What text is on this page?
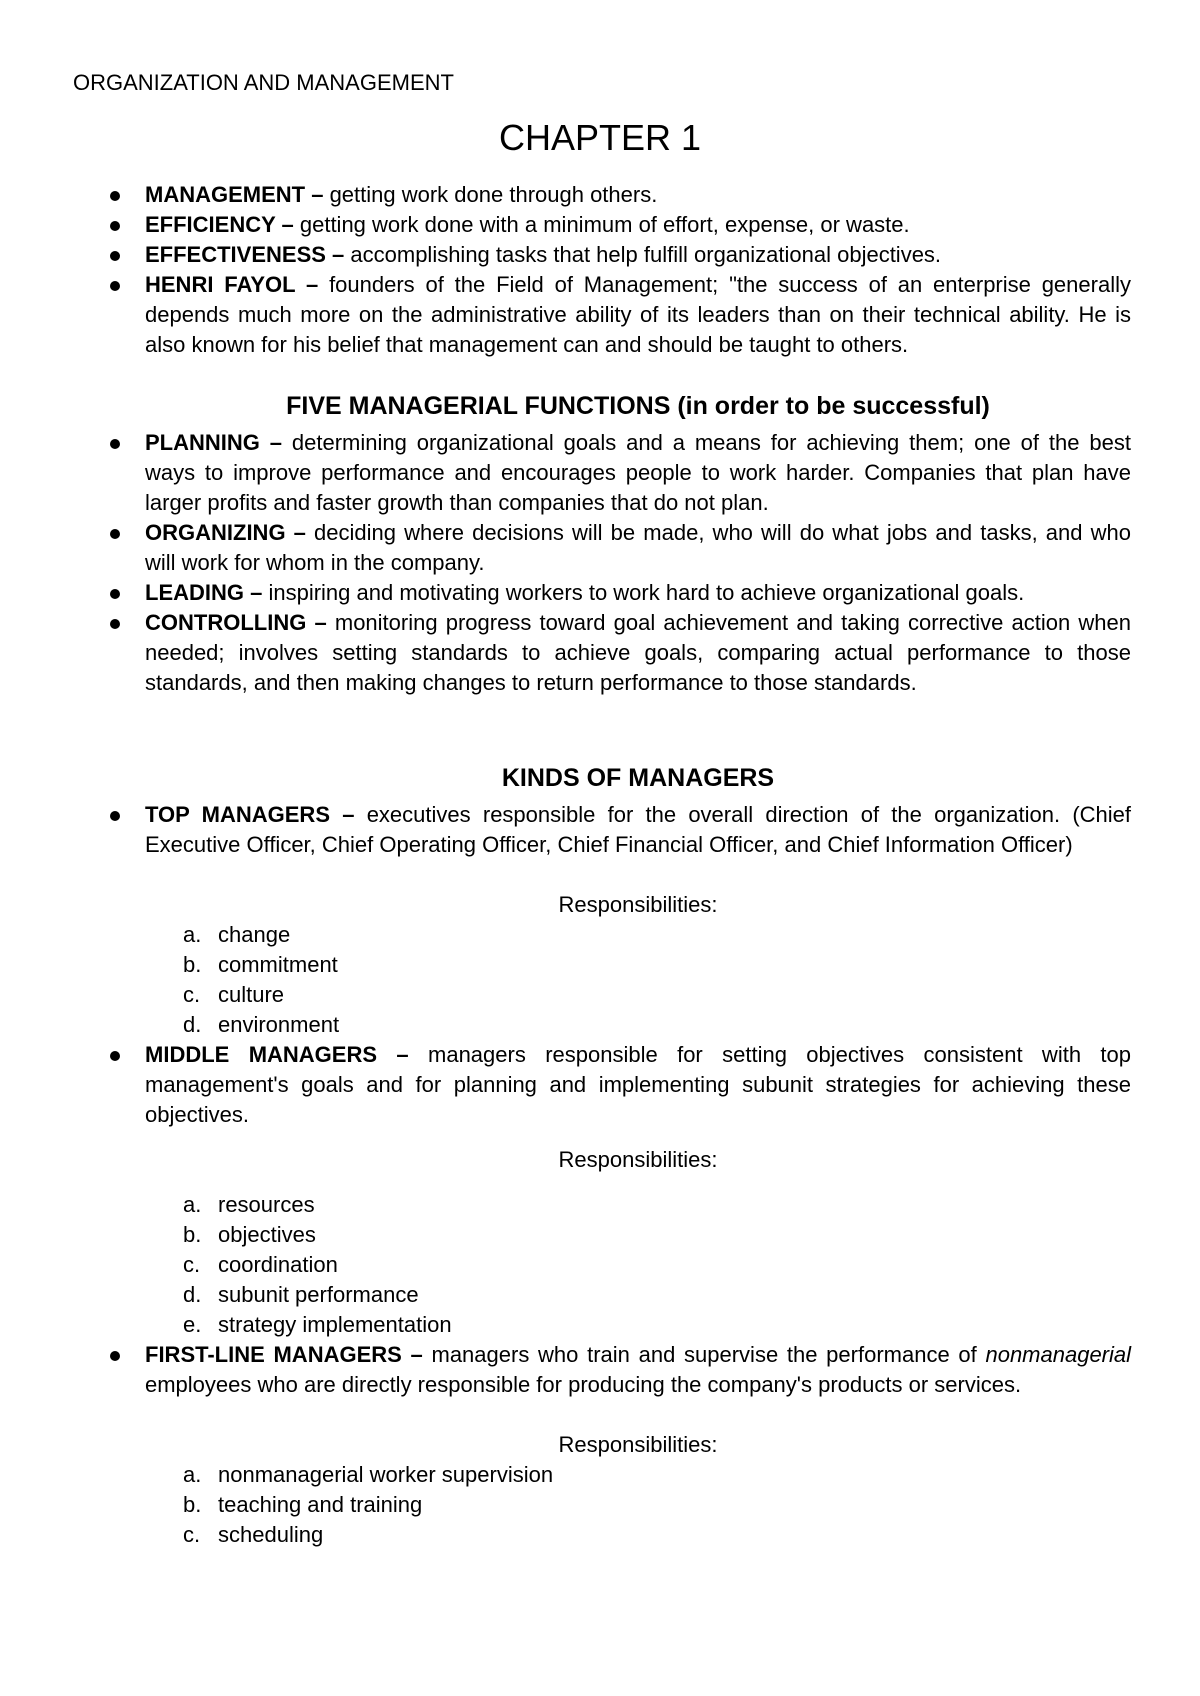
ORGANIZATION AND MANAGEMENT
CHAPTER 1
MANAGEMENT – getting work done through others.
EFFICIENCY – getting work done with a minimum of effort, expense, or waste.
EFFECTIVENESS – accomplishing tasks that help fulfill organizational objectives.
HENRI FAYOL – founders of the Field of Management; "the success of an enterprise generally depends much more on the administrative ability of its leaders than on their technical ability. He is also known for his belief that management can and should be taught to others.
FIVE MANAGERIAL FUNCTIONS (in order to be successful)
PLANNING – determining organizational goals and a means for achieving them; one of the best ways to improve performance and encourages people to work harder. Companies that plan have larger profits and faster growth than companies that do not plan.
ORGANIZING – deciding where decisions will be made, who will do what jobs and tasks, and who will work for whom in the company.
LEADING – inspiring and motivating workers to work hard to achieve organizational goals.
CONTROLLING – monitoring progress toward goal achievement and taking corrective action when needed; involves setting standards to achieve goals, comparing actual performance to those standards, and then making changes to return performance to those standards.
KINDS OF MANAGERS
TOP MANAGERS – executives responsible for the overall direction of the organization. (Chief Executive Officer, Chief Operating Officer, Chief Financial Officer, and Chief Information Officer)
Responsibilities:
a. change
b. commitment
c. culture
d. environment
MIDDLE MANAGERS – managers responsible for setting objectives consistent with top management's goals and for planning and implementing subunit strategies for achieving these objectives.
Responsibilities:
a. resources
b. objectives
c. coordination
d. subunit performance
e. strategy implementation
FIRST-LINE MANAGERS – managers who train and supervise the performance of nonmanagerial employees who are directly responsible for producing the company's products or services.
Responsibilities:
a. nonmanagerial worker supervision
b. teaching and training
c. scheduling
